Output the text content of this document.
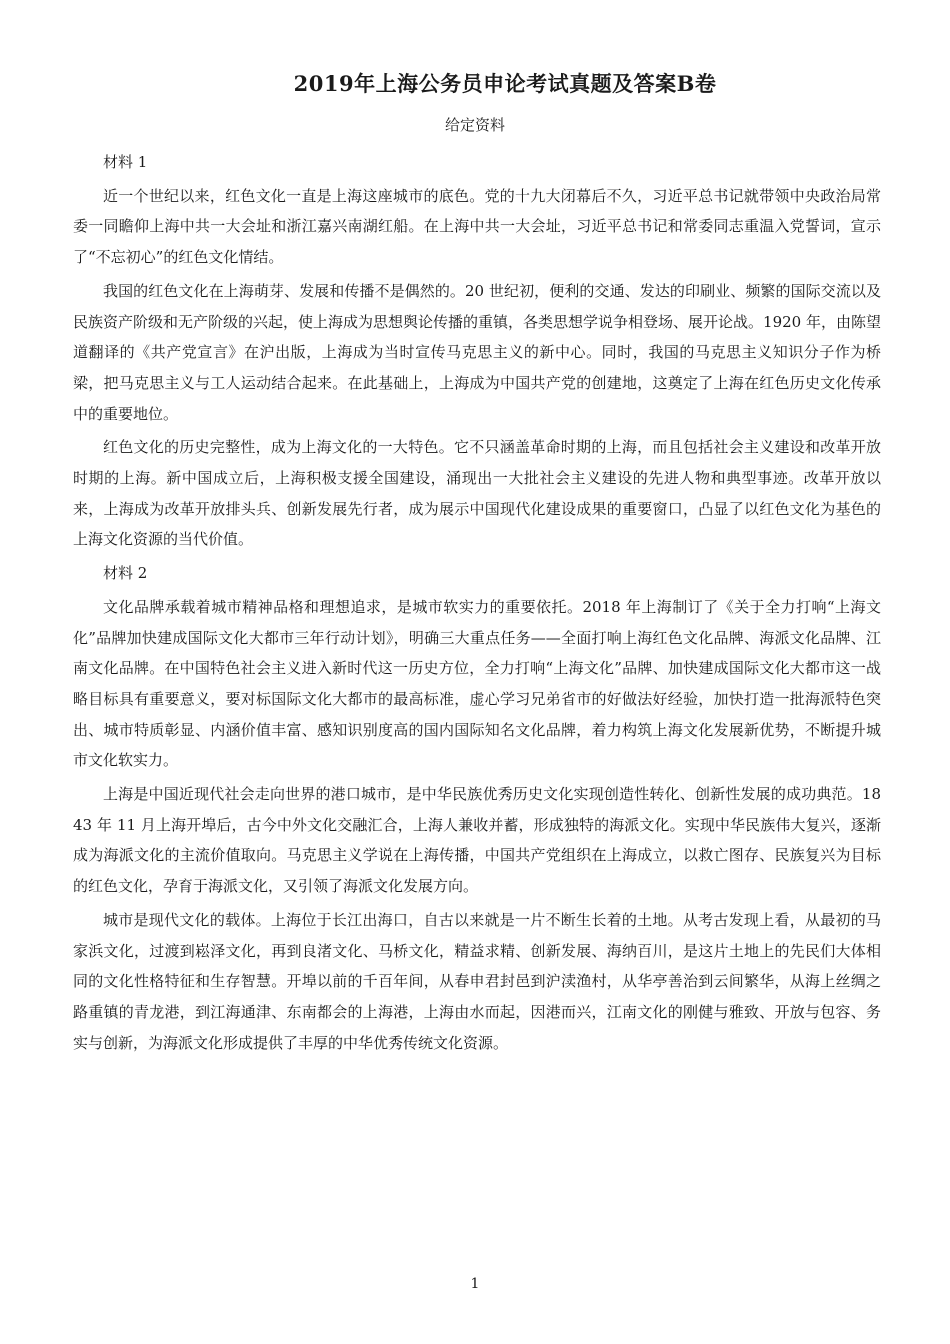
2019年上海公务员申论考试真题及答案B卷
给定资料

材料 1

近一个世纪以来，红色文化一直是上海这座城市的底色。党的十九大闭幕后不久，习近平总书记就带领中央政治局常委一同瞻仰上海中共一大会址和浙江嘉兴南湖红船。在上海中共一大会址，习近平总书记和常委同志重温入党誓词，宣示了“不忘初心”的红色文化情结。

我国的红色文化在上海萌芽、发展和传播不是偶然的。20 世纪初，便利的交通、发达的印刷业、频繁的国际交流以及民族资产阶级和无产阶级的兴起，使上海成为思想舆论传播的重镇，各类思想学说争相登场、展开论战。1920 年，由陈望道翻译的《共产党宣言》在沪出版，上海成为当时宣传马克思主义的新中心。同时，我国的马克思主义知识分子作为桥梁，把马克思主义与工人运动结合起来。在此基础上，上海成为中国共产党的创建地，这奠定了上海在红色历史文化传承中的重要地位。

红色文化的历史完整性，成为上海文化的一大特色。它不只涵盖革命时期的上海，而且包括社会主义建设和改革开放时期的上海。新中国成立后，上海积极支援全国建设，涌现出一大批社会主义建设的先进人物和典型事迹。改革开放以来，上海成为改革开放排头兵、创新发展先行者，成为展示中国现代化建设成果的重要窗口，凸显了以红色文化为基色的上海文化资源的当代价值。

材料 2

文化品牌承载着城市精神品格和理想追求，是城市软实力的重要依托。2018 年上海制订了《关于全力打响“上海文化”品牌加快建成国际文化大都市三年行动计划》，明确三大重点任务——全面打响上海红色文化品牌、海派文化品牌、江南文化品牌。在中国特色社会主义进入新时代这一历史方位，全力打响“上海文化”品牌、加快建成国际文化大都市这一战略目标具有重要意义，要对标国际文化大都市的最高标准，虚心学习兄弟省市的好做法好经验，加快打造一批海派特色突出、城市特质彰显、内涵价值丰富、感知识别度高的国内国际知名文化品牌，着力构筑上海文化发展新优势，不断提升城市文化软实力。

上海是中国近现代社会走向世界的港口城市，是中华民族优秀历史文化实现创造性转化、创新性发展的成功典范。1843 年 11 月上海开埠后，古今中外文化交融汇合，上海人兼收并蓄，形成独特的海派文化。实现中华民族伟大复兴，逐渐成为海派文化的主流价值取向。马克思主义学说在上海传播，中国共产党组织在上海成立，以救亡图存、民族复兴为目标的红色文化，孕育于海派文化，又引领了海派文化发展方向。

城市是现代文化的载体。上海位于长江出海口，自古以来就是一片不断生长着的土地。从考古发现上看，从最初的马家浜文化，过渡到崧泽文化，再到良渚文化、马桥文化，精益求精、创新发展、海纳百川，是这片土地上的先民们大体相同的文化性格特征和生存智慧。开埠以前的千百年间，从春申君封邑到沪渎渔村，从华亭善治到云间繁华，从海上丝绸之路重镇的青龙港，到江海通津、东南都会的上海港，上海由水而起，因港而兴，江南文化的刚健与雅致、开放与包容、务实与创新，为海派文化形成提供了丰厚的中华优秀传统文化资源。

1
